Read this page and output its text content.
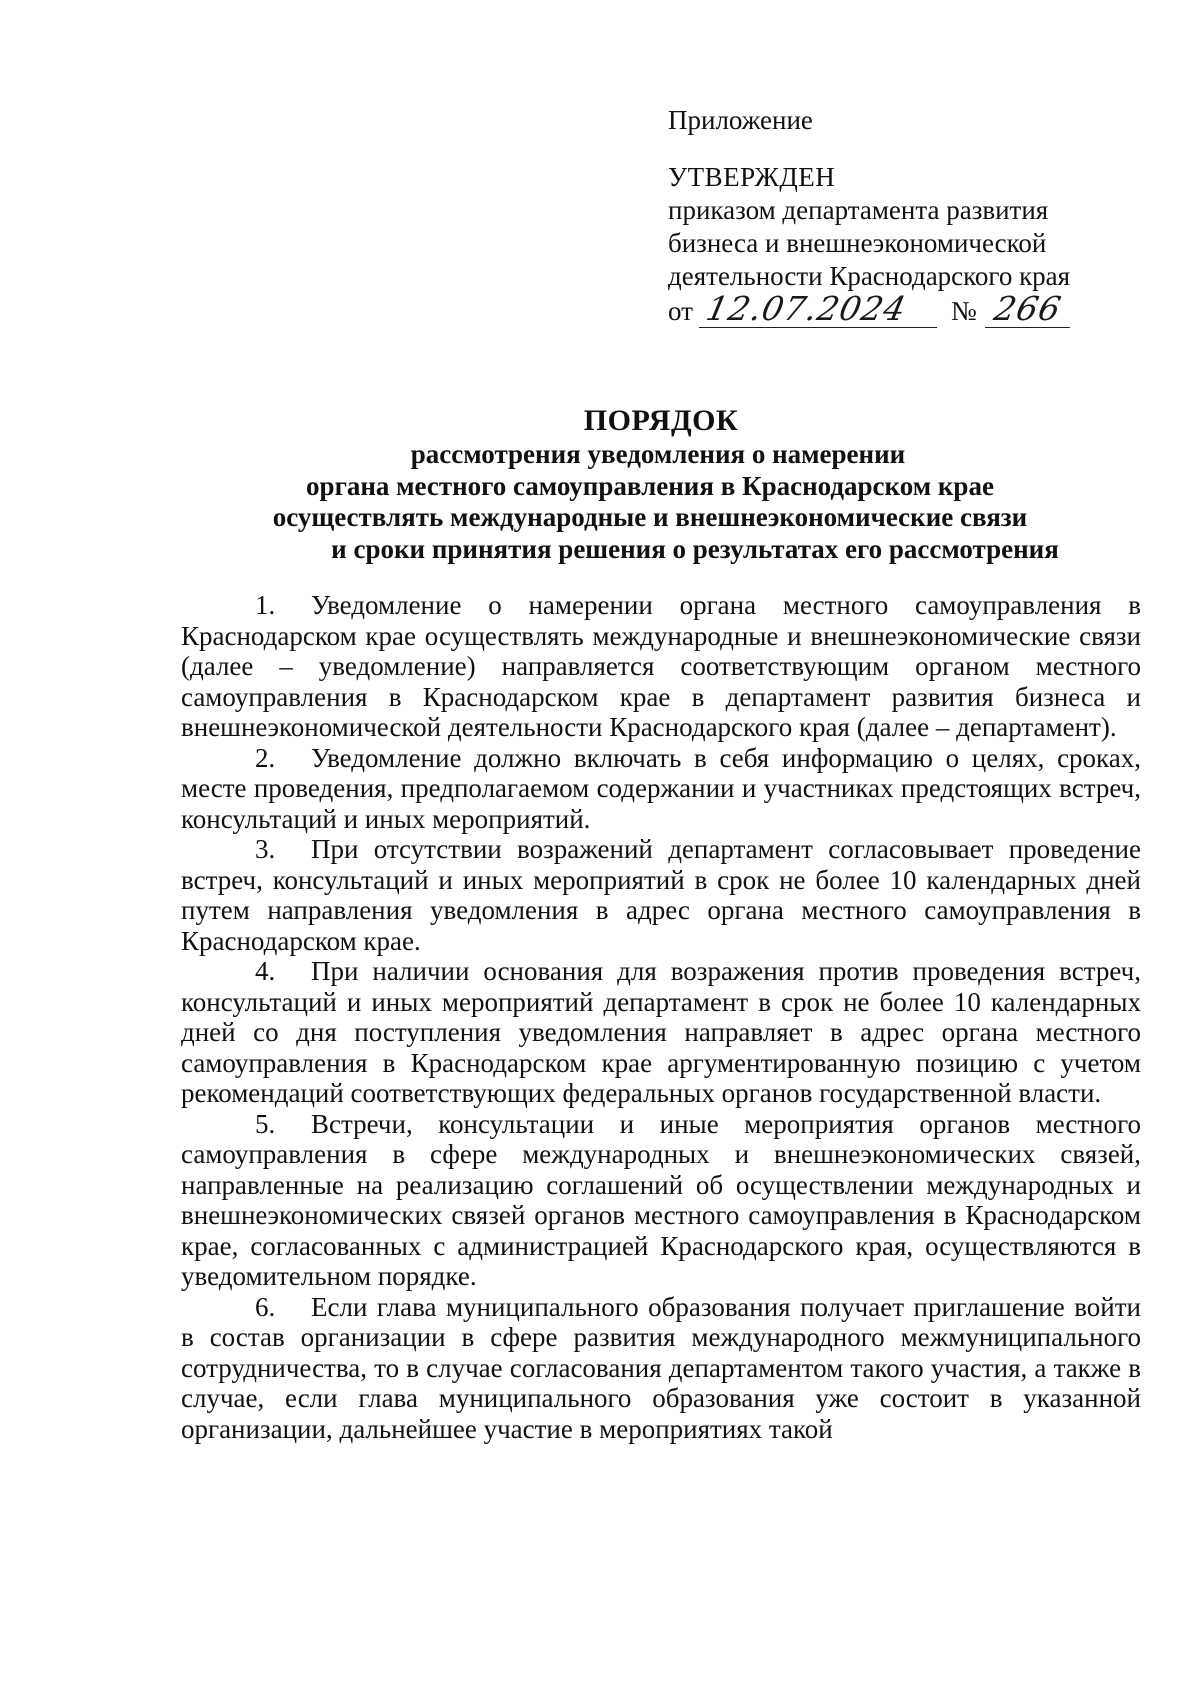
Приложение

УТВЕРЖДЕН

приказом департамента развития

бизнеса и внешнеэкономической

деятельности Краснодарского края

от 12.07.2024 № 266

ПОРЯДОК

рассмотрения уведомления о намерении

органа местного самоуправления в Краснодарском крае

осуществлять международные и внешнеэкономические связи

и сроки принятия решения о результатах его рассмотрения

1. Уведомление о намерении органа местного самоуправления в Краснодарском крае осуществлять международные и внешнеэкономические связи (далее – уведомление) направляется соответствующим органом местного самоуправления в Краснодарском крае в департамент развития бизнеса и внешнеэкономической деятельности Краснодарского края (далее – департамент).

2. Уведомление должно включать в себя информацию о целях, сроках, месте проведения, предполагаемом содержании и участниках предстоящих встреч, консультаций и иных мероприятий.

3. При отсутствии возражений департамент согласовывает проведение встреч, консультаций и иных мероприятий в срок не более 10 календарных дней путем направления уведомления в адрес органа местного самоуправления в Краснодарском крае.

4. При наличии основания для возражения против проведения встреч, консультаций и иных мероприятий департамент в срок не более 10 календарных дней со дня поступления уведомления направляет в адрес органа местного самоуправления в Краснодарском крае аргументированную позицию с учетом рекомендаций соответствующих федеральных органов государственной власти.

5. Встречи, консультации и иные мероприятия органов местного самоуправления в сфере международных и внешнеэкономических связей, направленные на реализацию соглашений об осуществлении международных и внешнеэкономических связей органов местного самоуправления в Краснодарском крае, согласованных с администрацией Краснодарского края, осуществляются в уведомительном порядке.

6. Если глава муниципального образования получает приглашение войти в состав организации в сфере развития международного межмуниципального сотрудничества, то в случае согласования департаментом такого участия, а также в случае, если глава муниципального образования уже состоит в указанной организации, дальнейшее участие в мероприятиях такой
